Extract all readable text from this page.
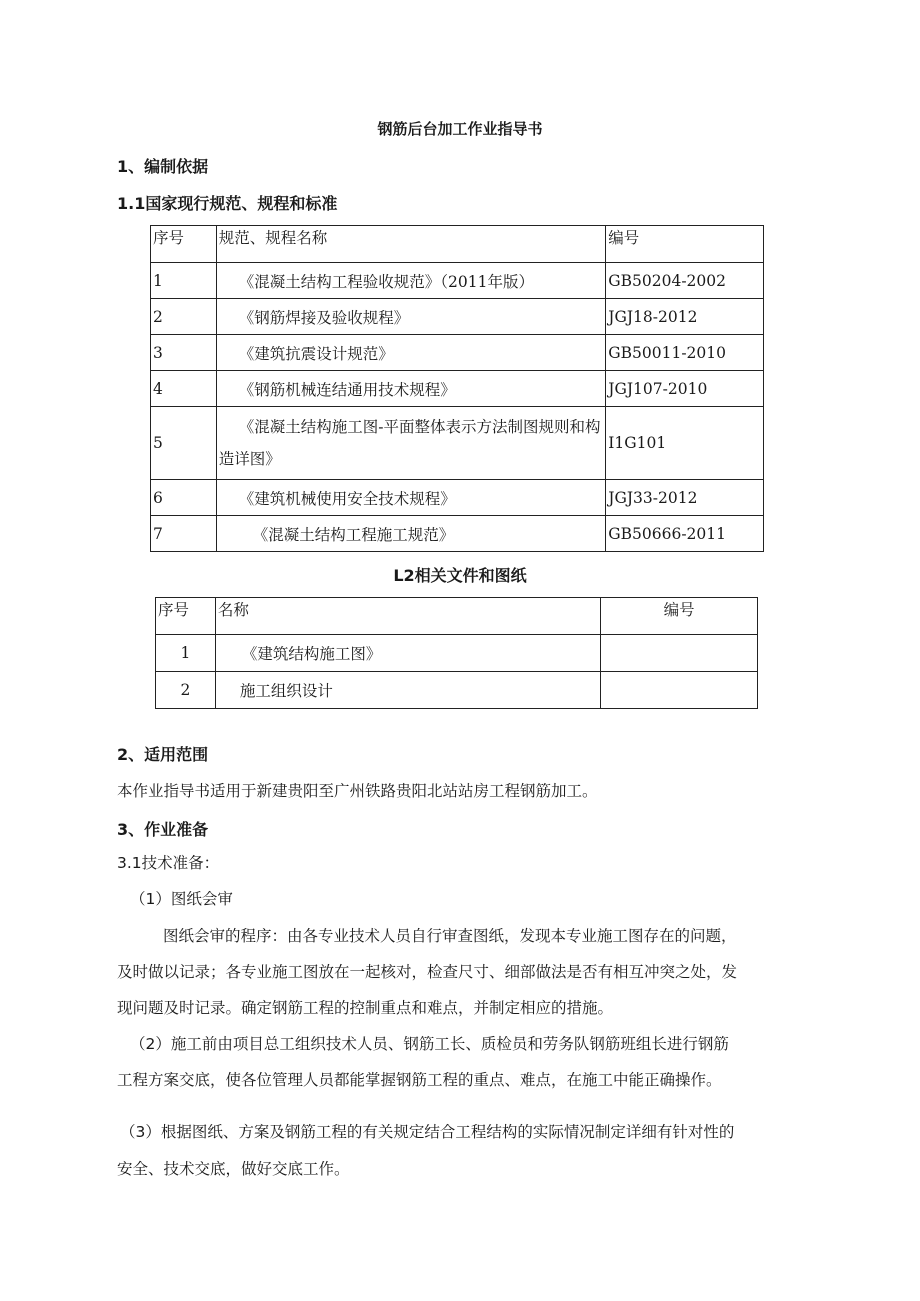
钢筋后台加工作业指导书
1、编制依据
1.1国家现行规范、规程和标准
序号	规范、规程名称	编号
1	《混凝土结构工程验收规范》（2011年版）	GB50204-2002
2	《钢筋焊接及验收规程》	JGJ18-2012
3	《建筑抗震设计规范》	GB50011-2010
4	《钢筋机械连结通用技术规程》	JGJ107-2010
5	《混凝土结构施工图-平面整体表示方法制图规则和构造详图》	I1G101
6	《建筑机械使用安全技术规程》	JGJ33-2012
7	《混凝土结构工程施工规范》	GB50666-2011
L2相关文件和图纸
序号	名称	编号
1	《建筑结构施工图》	
2	施工组织设计	
2、适用范围
本作业指导书适用于新建贵阳至广州铁路贵阳北站站房工程钢筋加工。
3、作业准备
3.1技术准备：
（1）图纸会审
图纸会审的程序：由各专业技术人员自行审查图纸，发现本专业施工图存在的问题，
及时做以记录；各专业施工图放在一起核对，检查尺寸、细部做法是否有相互冲突之处，发
现问题及时记录。确定钢筋工程的控制重点和难点，并制定相应的措施。
（2）施工前由项目总工组织技术人员、钢筋工长、质检员和劳务队钢筋班组长进行钢筋
工程方案交底，使各位管理人员都能掌握钢筋工程的重点、难点，在施工中能正确操作。
（3）根据图纸、方案及钢筋工程的有关规定结合工程结构的实际情况制定详细有针对性的
安全、技术交底，做好交底工作。
